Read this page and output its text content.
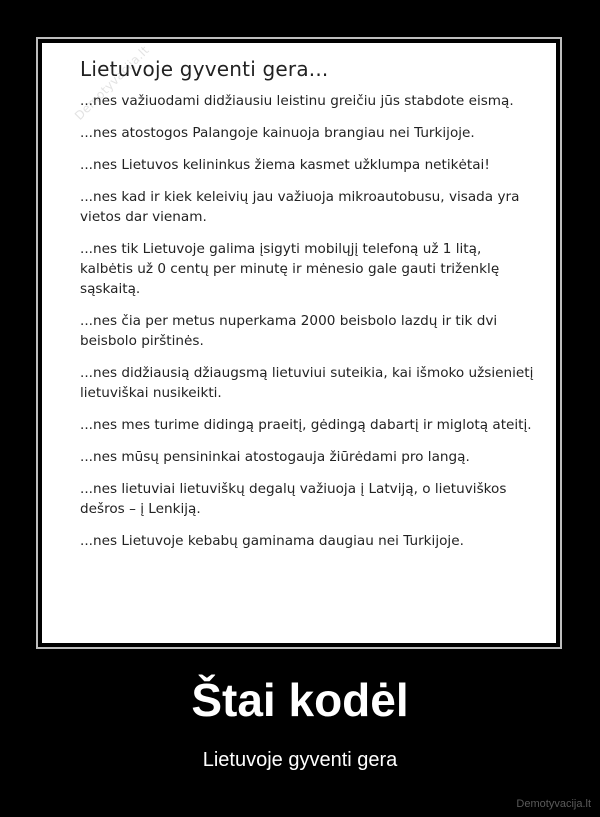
Demotyvacija.lt
Lietuvoje gyventi gera...
...nes važiuodami didžiausiu leistinu greičiu jūs stabdote eismą.
...nes atostogos Palangoje kainuoja brangiau nei Turkijoje.
...nes Lietuvos kelininkus žiema kasmet užklumpa netikėtai!
...nes kad ir kiek keleivių jau važiuoja mikroautobusu, visada yra vietos dar vienam.
...nes tik Lietuvoje galima įsigyti mobilųjį telefoną už 1 litą, kalbėtis už 0 centų per minutę ir mėnesio gale gauti triženklę sąskaitą.
...nes čia per metus nuperkama 2000 beisbolo lazdų ir tik dvi beisbolo pirštinės.
...nes didžiausią džiaugsmą lietuviui suteikia, kai išmoko užsienietį lietuviškai nusikeikti.
...nes mes turime didingą praeitį, gėdingą dabartį ir miglotą ateitį.
...nes mūsų pensininkai atostogauja žiūrėdami pro langą.
...nes lietuviai lietuviškų degalų važiuoja į Latviją, o lietuviškos dešros – į Lenkiją.
...nes Lietuvoje kebabų gaminama daugiau nei Turkijoje.
Štai kodėl

Lietuvoje gyventi gera

Demotyvacija.lt
